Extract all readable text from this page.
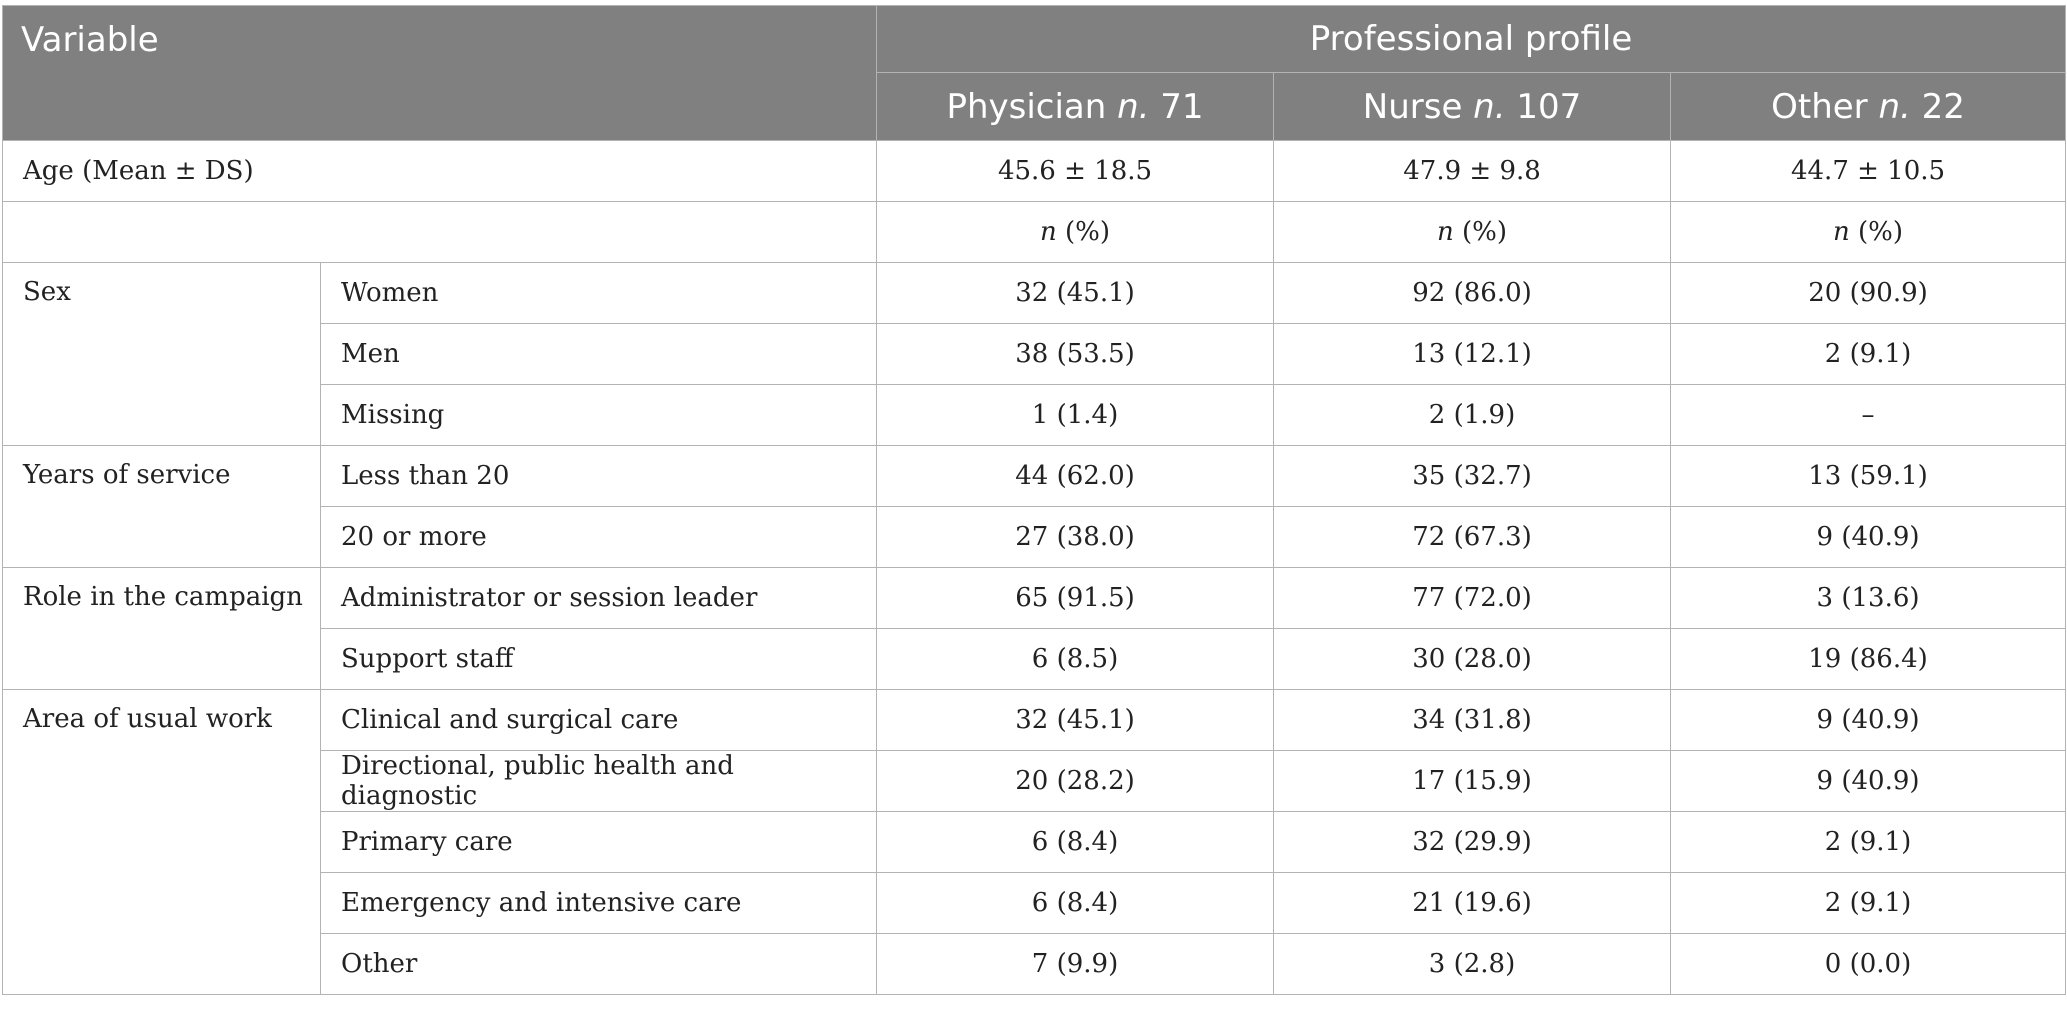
Variable		Professional profile		
		Physician n. 71	Nurse n. 107	Other n. 22
Age (Mean ± DS)		45.6 ± 18.5	47.9 ± 9.8	44.7 ± 10.5
		n (%)	n (%)	n (%)
Sex	Women	32 (45.1)	92 (86.0)	20 (90.9)
	Men	38 (53.5)	13 (12.1)	2 (9.1)
	Missing	1 (1.4)	2 (1.9)	–
Years of service	Less than 20	44 (62.0)	35 (32.7)	13 (59.1)
	20 or more	27 (38.0)	72 (67.3)	9 (40.9)
Role in the campaign	Administrator or session leader	65 (91.5)	77 (72.0)	3 (13.6)
	Support staff	6 (8.5)	30 (28.0)	19 (86.4)
Area of usual work	Clinical and surgical care	32 (45.1)	34 (31.8)	9 (40.9)
	Directional, public health and diagnostic	20 (28.2)	17 (15.9)	9 (40.9)
	Primary care	6 (8.4)	32 (29.9)	2 (9.1)
	Emergency and intensive care	6 (8.4)	21 (19.6)	2 (9.1)
	Other	7 (9.9)	3 (2.8)	0 (0.0)
